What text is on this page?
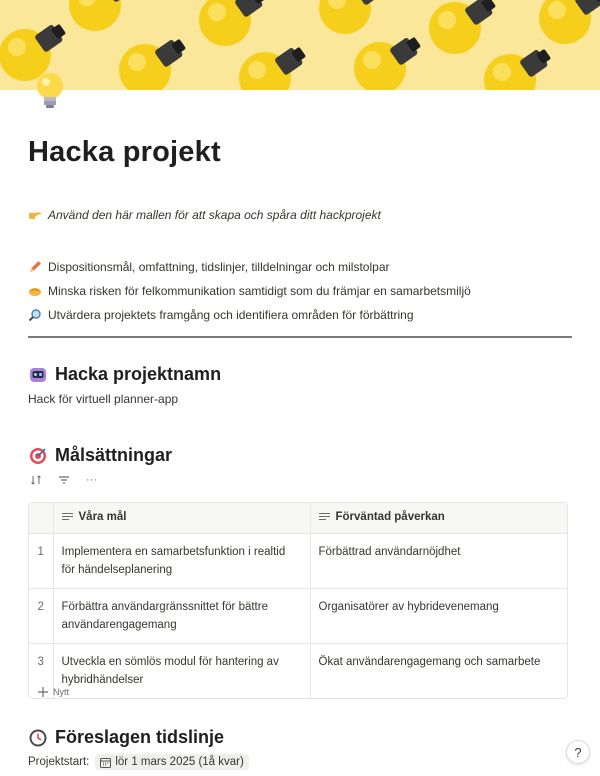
Hacka projekt
Använd den här mallen för att skapa och spåra ditt hackprojekt
Dispositionsmål, omfattning, tidslinjer, tilldelningar och milstolpar
Minska risken för felkommunikation samtidigt som du främjar en samarbetsmiljö
Utvärdera projektets framgång och identifiera områden för förbättring
Hacka projektnamn
Hack för virtuell planner-app
Målsättningar
···

	Våra mål	Förväntad påverkan

1	Implementera en samarbetsfunktion i realtid för händelseplanering	Förbättrad användarnöjdhet
2	Förbättra användargränssnittet för bättre användarengagemang	Organisatörer av hybridevenemang
3	Utveckla en sömlös modul för hantering av hybridhändelser	Ökat användarengagemang och samarbete
Nytt
Föreslagen tidslinje
Projektstart: lör 1 mars 2025 (1å kvar)
?
